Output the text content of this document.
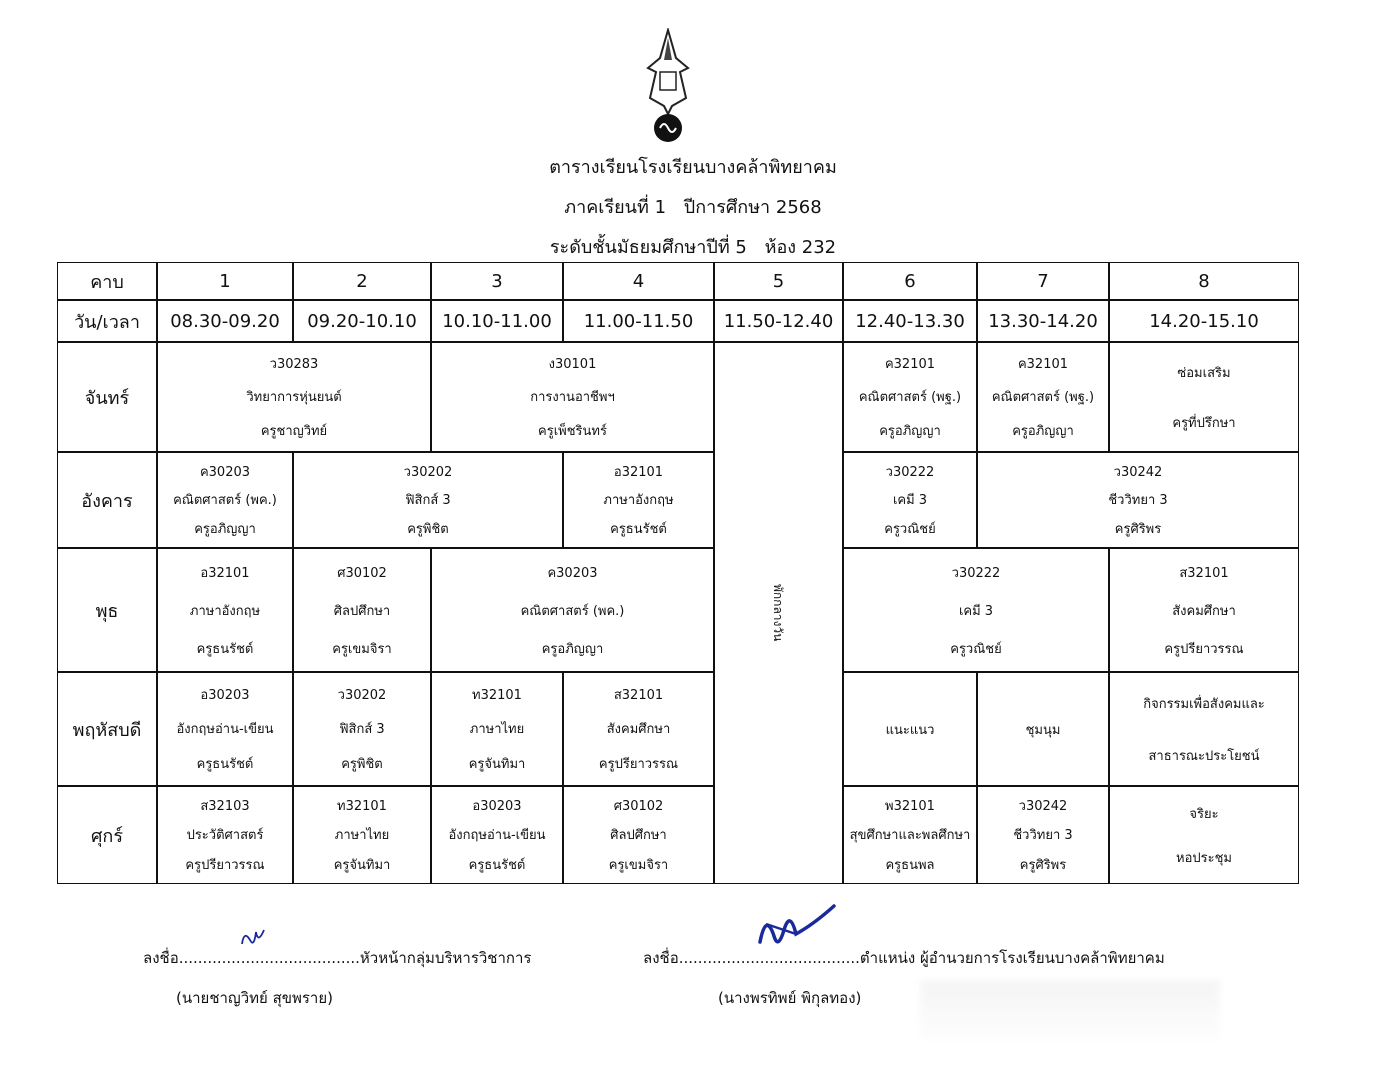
ตารางเรียนโรงเรียนบางคล้าพิทยาคม
ภาคเรียนที่ 1 ปีการศึกษา 2568
ระดับชั้นมัธยมศึกษาปีที่ 5 ห้อง 232
คาบ
วัน/เวลา
1
08.30-09.20
2
09.20-10.10
3
10.10-11.00
4
11.00-11.50
5
11.50-12.40
6
12.40-13.30
7
13.30-14.20
8
14.20-15.10
พักกลางวัน
จันทร์
ว30283
วิทยาการหุ่นยนต์
ครูชาญวิทย์
ง30101
การงานอาชีพฯ
ครูเพ็ชรินทร์
ค32101
คณิตศาสตร์ (พฐ.)
ครูอภิญญา
ค32101
คณิตศาสตร์ (พฐ.)
ครูอภิญญา
ซ่อมเสริม
ครูที่ปรึกษา
อังคาร
ค30203
คณิตศาสตร์ (พค.)
ครูอภิญญา
ว30202
ฟิสิกส์ 3
ครูพิชิต
อ32101
ภาษาอังกฤษ
ครูธนรัชต์
ว30222
เคมี 3
ครูวณิชย์
ว30242
ชีววิทยา 3
ครูศิริพร
พุธ
อ32101
ภาษาอังกฤษ
ครูธนรัชต์
ศ30102
ศิลปศึกษา
ครูเขมจิรา
ค30203
คณิตศาสตร์ (พค.)
ครูอภิญญา
ว30222
เคมี 3
ครูวณิชย์
ส32101
สังคมศึกษา
ครูปรียาวรรณ
พฤหัสบดี
อ30203
อังกฤษอ่าน-เขียน
ครูธนรัชต์
ว30202
ฟิสิกส์ 3
ครูพิชิต
ท32101
ภาษาไทย
ครูจันทิมา
ส32101
สังคมศึกษา
ครูปรียาวรรณ
แนะแนว	ชุมนุม
กิจกรรมเพื่อสังคมและ
สาธารณะประโยชน์
ศุกร์
ส32103
ประวัติศาสตร์
ครูปรียาวรรณ
ท32101
ภาษาไทย
ครูจันทิมา
อ30203
อังกฤษอ่าน-เขียน
ครูธนรัชต์
ศ30102
ศิลปศึกษา
ครูเขมจิรา
พ32101
สุขศึกษาและพลศึกษา
ครูธนพล
ว30242
ชีววิทยา 3
ครูศิริพร
จริยะ
หอประชุม
ลงชื่อ......................................หัวหน้ากลุ่มบริหารวิชาการ
(นายชาญวิทย์ สุขพราย)
ลงชื่อ......................................ตำแหน่ง ผู้อำนวยการโรงเรียนบางคล้าพิทยาคม
(นางพรทิพย์ พิกุลทอง)
